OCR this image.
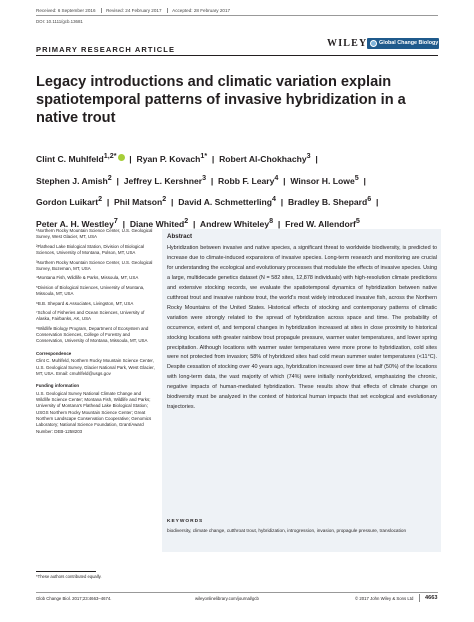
Received: 6 September 2016 Revised: 24 February 2017 Accepted: 28 February 2017
DOI: 10.1111/gcb.13681
PRIMARY RESEARCH ARTICLE
WILEY Global Change Biology
Legacy introductions and climatic variation explain spatiotemporal patterns of invasive hybridization in a native trout
Clint C. Muhlfeld$^{1,2*}$  |  Ryan P. Kovach$^{1*}$  |  Robert Al-Chokhachy$^3$  |
Stephen J. Amish$^2$  |  Jeffrey L. Kershner$^3$  |  Robb F. Leary$^4$  |  Winsor H. Lowe$^5$  |
Gordon Luikart$^2$  |  Phil Matson$^2$  |  David A. Schmetterling$^4$  |  Bradley B. Shepard$^6$  |
Peter A. H. Westley$^7$  |  Diane Whited$^2$  |  Andrew Whiteley$^8$  |  Fred W. Allendorf$^5$

¹Northern Rocky Mountain Science Center, U.S. Geological Survey, West Glacier, MT, USA

²Flathead Lake Biological Station, Division of Biological Sciences, University of Montana, Polson, MT, USA

³Northern Rocky Mountain Science Center, U.S. Geological Survey, Bozeman, MT, USA

⁴Montana Fish, Wildlife & Parks, Missoula, MT, USA

⁵Division of Biological Sciences, University of Montana, Missoula, MT, USA

⁶B.B. Shepard & Associates, Livingston, MT, USA

⁷School of Fisheries and Ocean Sciences, University of Alaska, Fairbanks, AK, USA

⁸Wildlife Biology Program, Department of Ecosystem and Conservation Sciences, College of Forestry and Conservation, University of Montana, Missoula, MT, USA

Correspondence

Clint C. Muhlfeld, Northern Rocky Mountain Science Center, U.S. Geological Survey, Glacier National Park, West Glacier, MT, USA. Email: cmuhlfeld@usgs.gov

Funding information

U.S. Geological Survey National Climate Change and Wildlife Science Center; Montana Fish, Wildlife and Parks; University of Montana's Flathead Lake Biological Station; USGS Northern Rocky Mountain Science Center; Great Northern Landscape Conservation Cooperative; Genomics Laboratory; National Science Foundation, Grant/Award Number: DEB-1258203

Abstract
Hybridization between invasive and native species, a significant threat to worldwide biodiversity, is predicted to increase due to climate-induced expansions of invasive species. Long-term research and monitoring are crucial for understanding the ecological and evolutionary processes that modulate the effects of invasive species. Using a large, multidecade genetics dataset (N = 582 sites, 12,878 individuals) with high-resolution climate predictions and extensive stocking records, we evaluate the spatiotemporal dynamics of hybridization between native cutthroat trout and invasive rainbow trout, the world's most widely introduced invasive fish, across the Northern Rocky Mountains of the United States. Historical effects of stocking and contemporary patterns of climatic variation were strongly related to the spread of hybridization across space and time. The probability of occurrence, extent of, and temporal changes in hybridization increased at sites in close proximity to historical stocking locations with greater rainbow trout propagule pressure, warmer water temperatures, and lower spring precipitation. Although locations with warmer water temperatures were more prone to hybridization, cold sites were not protected from invasion; 58% of hybridized sites had cold mean summer water temperatures (<11°C). Despite cessation of stocking over 40 years ago, hybridization increased over time at half (50%) of the locations with long-term data, the vast majority of which (74%) were initially nonhybridized, emphasizing the chronic, negative impacts of human-mediated hybridization. These results show that effects of climate change on biodiversity must be analyzed in the context of historical human impacts that set ecological and evolutionary trajectories.
KEYWORDS
biodiversity, climate change, cutthroat trout, hybridization, introgression, invasion, propagule pressure, translocation
*These authors contributed equally.
Glob Change Biol. 2017;23:4663–4674.	wileyonlinelibrary.com/journal/gcb	© 2017 John Wiley & Sons Ltd 4663
